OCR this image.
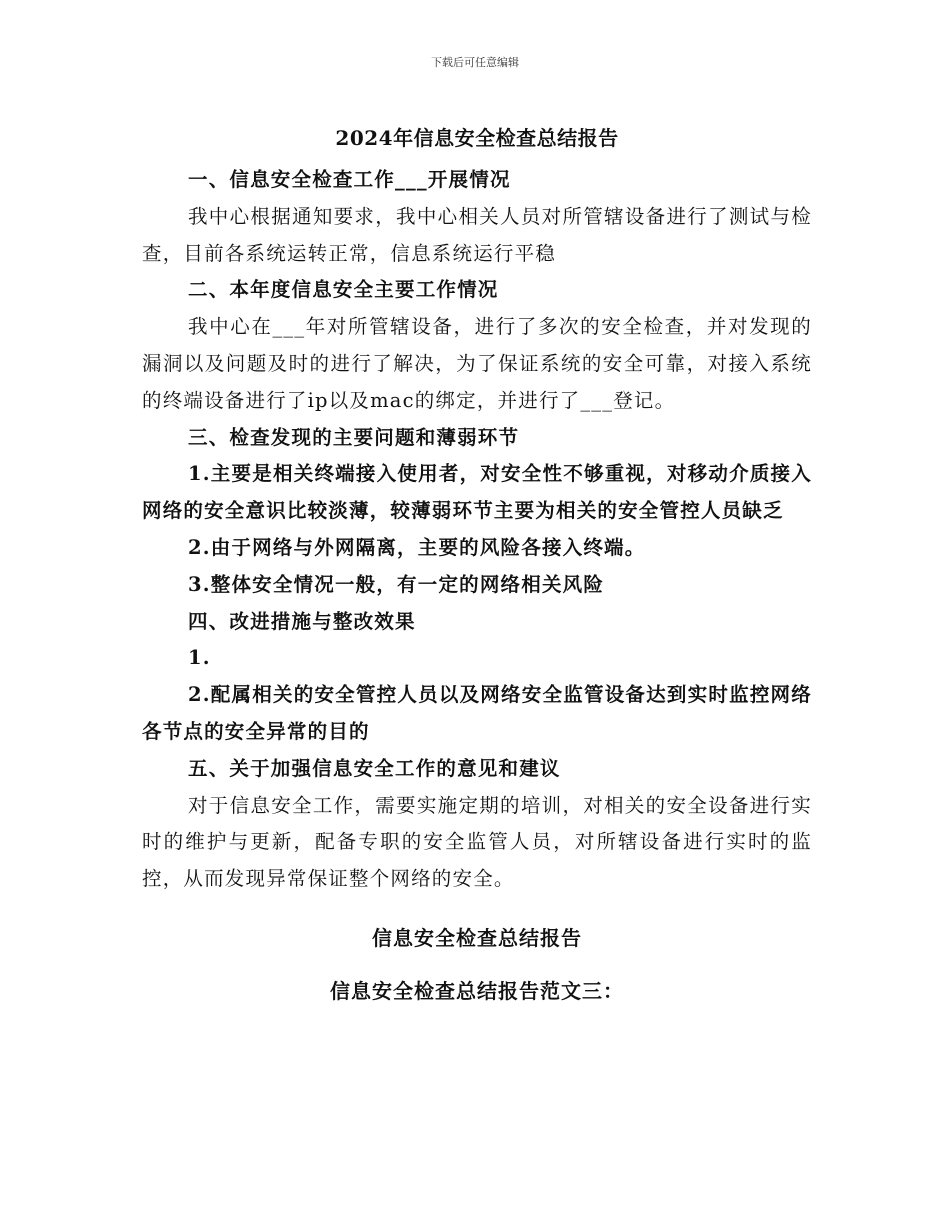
下载后可任意编辑
2024年信息安全检查总结报告

一、信息安全检查工作___开展情况

我中心根据通知要求，我中心相关人员对所管辖设备进行了测试与检查，目前各系统运转正常，信息系统运行平稳

二、本年度信息安全主要工作情况

我中心在___年对所管辖设备，进行了多次的安全检查，并对发现的漏洞以及问题及时的进行了解决，为了保证系统的安全可靠，对接入系统的终端设备进行了ip以及mac的绑定，并进行了___登记。

三、检查发现的主要问题和薄弱环节

1.主要是相关终端接入使用者，对安全性不够重视，对移动介质接入网络的安全意识比较淡薄，较薄弱环节主要为相关的安全管控人员缺乏

2.由于网络与外网隔离，主要的风险各接入终端。

3.整体安全情况一般，有一定的网络相关风险

四、改进措施与整改效果

1.

2.配属相关的安全管控人员以及网络安全监管设备达到实时监控网络各节点的安全异常的目的

五、关于加强信息安全工作的意见和建议

对于信息安全工作，需要实施定期的培训，对相关的安全设备进行实时的维护与更新，配备专职的安全监管人员，对所辖设备进行实时的监控，从而发现异常保证整个网络的安全。

信息安全检查总结报告

信息安全检查总结报告范文三：
